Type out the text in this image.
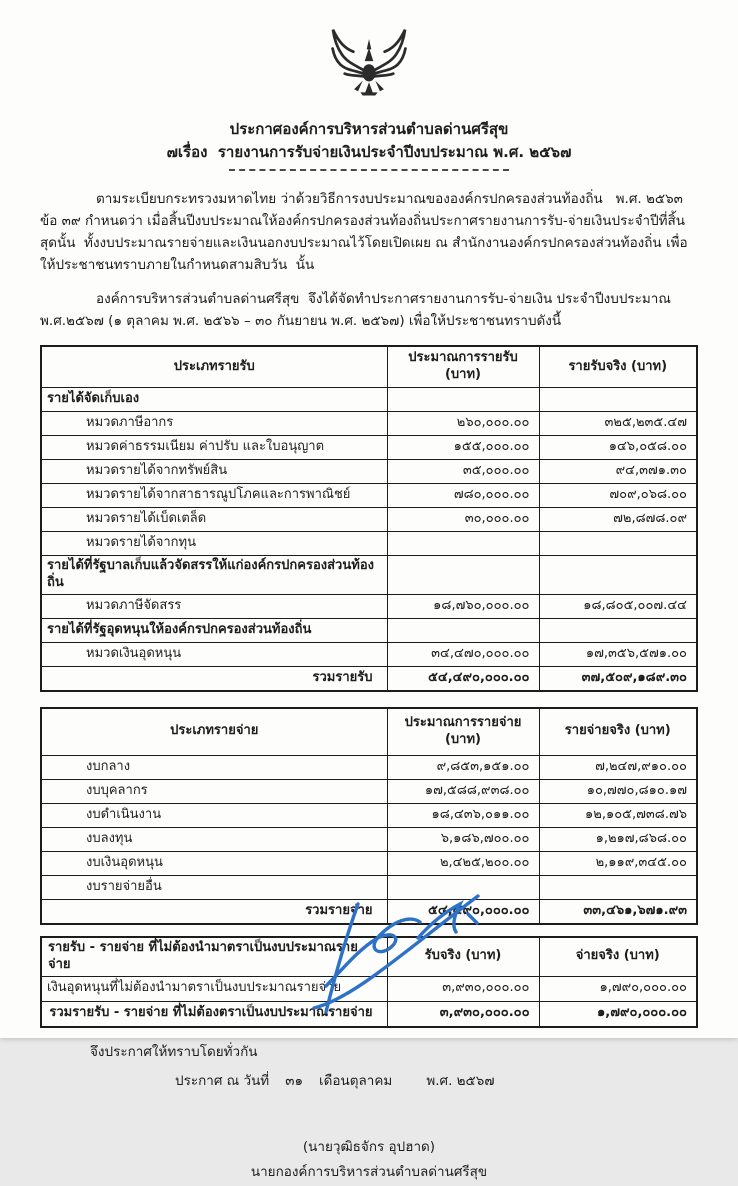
ประกาศองค์การบริหารส่วนตำบลด่านศรีสุข
๗เรื่อง  รายงานการรับจ่ายเงินประจำปีงบประมาณ พ.ศ. ๒๕๖๗

ตามระเบียบกระทรวงมหาดไทย ว่าด้วยวิธีการงบประมาณขององค์กรปกครองส่วนท้องถิ่น   พ.ศ. ๒๕๖๓ ข้อ ๓๙ กำหนดว่า เมื่อสิ้นปีงบประมาณให้องค์กรปกครองส่วนท้องถิ่นประกาศรายงานการรับ-จ่ายเงินประจำปีที่สิ้นสุดนั้น  ทั้งงบประมาณรายจ่ายและเงินนอกงบประมาณไว้โดยเปิดเผย ณ สำนักงานองค์กรปกครองส่วนท้องถิ่น เพื่อให้ประชาชนทราบภายในกำหนดสามสิบวัน  นั้น

องค์การบริหารส่วนตำบลด่านศรีสุข  จึงได้จัดทำประกาศรายงานการรับ-จ่ายเงิน ประจำปีงบประมาณ พ.ศ.๒๕๖๗ (๑ ตุลาคม พ.ศ. ๒๕๖๖ – ๓๐ กันยายน พ.ศ. ๒๕๖๗) เพื่อให้ประชาชนทราบดังนี้

ประเภทรายรับ	ประมาณการรายรับ (บาท)	รายรับจริง (บาท)
รายได้จัดเก็บเอง		
หมวดภาษีอากร	๒๖๐,๐๐๐.๐๐	๓๒๕,๒๓๕.๔๗
หมวดค่าธรรมเนียม ค่าปรับ และใบอนุญาต	๑๕๕,๐๐๐.๐๐	๑๔๖,๐๕๘.๐๐
หมวดรายได้จากทรัพย์สิน	๓๕,๐๐๐.๐๐	๙๔,๓๗๑.๓๐
หมวดรายได้จากสาธารณูปโภคและการพาณิชย์	๗๘๐,๐๐๐.๐๐	๗๐๙,๐๖๘.๐๐
หมวดรายได้เบ็ดเตล็ด	๓๐,๐๐๐.๐๐	๗๒,๘๗๘.๐๙
หมวดรายได้จากทุน		
รายได้ที่รัฐบาลเก็บแล้วจัดสรรให้แก่องค์กรปกครองส่วนท้องถิ่น		
หมวดภาษีจัดสรร	๑๘,๗๖๐,๐๐๐.๐๐	๑๘,๘๐๕,๐๐๗.๔๔
รายได้ที่รัฐอุดหนุนให้องค์กรปกครองส่วนท้องถิ่น		
หมวดเงินอุดหนุน	๓๔,๔๗๐,๐๐๐.๐๐	๑๗,๓๕๖,๕๗๑.๐๐
รวมรายรับ	๕๔,๔๙๐,๐๐๐.๐๐	๓๗,๕๐๙,๑๘๙.๓๐
ประเภทรายจ่าย	ประมาณการรายจ่าย (บาท)	รายจ่ายจริง (บาท)
งบกลาง	๙,๘๕๓,๑๕๑.๐๐	๗,๒๔๗,๙๑๐.๐๐
งบบุคลากร	๑๗,๕๘๘,๙๓๘.๐๐	๑๐,๗๗๐,๘๑๐.๑๗
งบดำเนินงาน	๑๘,๔๓๖,๐๑๑.๐๐	๑๒,๑๐๕,๗๓๘.๗๖
งบลงทุน	๖,๑๘๖,๗๐๐.๐๐	๑,๒๑๗,๘๖๘.๐๐
งบเงินอุดหนุน	๒,๔๒๕,๒๐๐.๐๐	๒,๑๑๙,๓๔๕.๐๐
งบรายจ่ายอื่น		
รวมรายจ่าย	๕๔,๔๙๐,๐๐๐.๐๐	๓๓,๔๖๑,๖๗๑.๙๓
รายรับ - รายจ่าย ที่ไม่ต้องนำมาตราเป็นงบประมาณรายจ่าย	รับจริง (บาท)	จ่ายจริง (บาท)
เงินอุดหนุนที่ไม่ต้องนำมาตราเป็นงบประมาณรายจ่าย	๓,๙๓๐,๐๐๐.๐๐	๑,๗๙๐,๐๐๐.๐๐
รวมรายรับ - รายจ่าย ที่ไม่ต้องตราเป็นงบประมาณรายจ่าย	๓,๙๓๐,๐๐๐.๐๐	๑,๗๙๐,๐๐๐.๐๐
จึงประกาศให้ทราบโดยทั่วกัน
ประกาศ ณ วันที่ ๓๑ เดือนตุลาคม	พ.ศ. ๒๕๖๗
(นายวุฒิธจักร อุปฮาด)
นายกองค์การบริหารส่วนตำบลด่านศรีสุข
